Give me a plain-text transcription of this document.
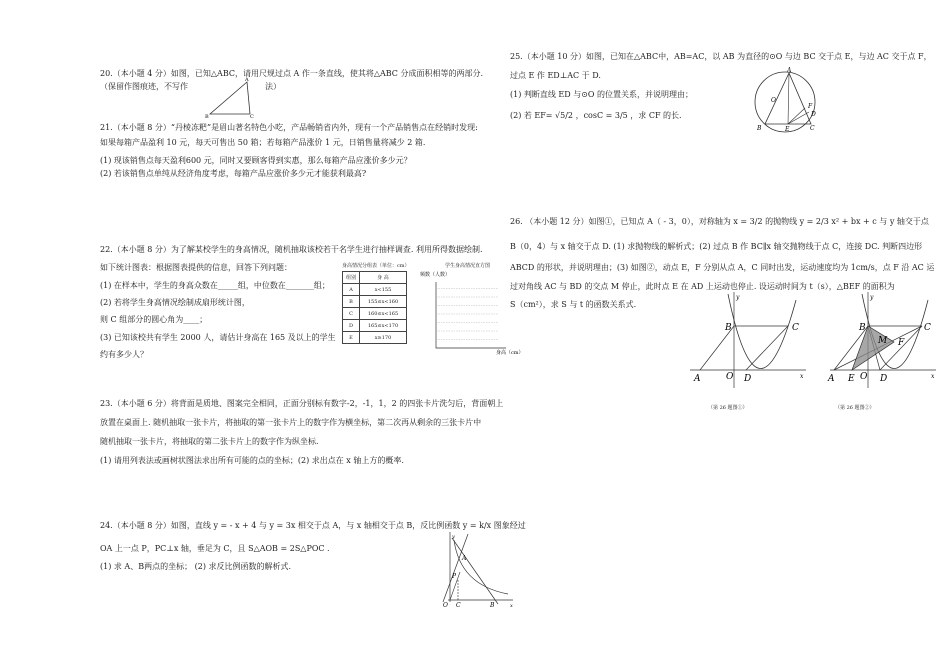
20.（本小题 4 分）如图，已知△ABC，请用尺规过点 A 作一条直线，使其将△ABC 分成面积相等的两部分.

（保留作图痕迹，不写作	法）

A
B	C

21.（本小题 8 分）“丹棱冻粑”是眉山著名特色小吃，产品畅销省内外，现有一个产品销售点在经销时发现:

如果每箱产品盈利 10 元，每天可售出 50 箱；若每箱产品涨价 1 元，日销售量将减少 2 箱.

(1) 现该销售点每天盈利600 元，同时又要顾客得到实惠，那么每箱产品应涨价多少元？

(2) 若该销售点单纯从经济角度考虑，每箱产品应涨价多少元才能获利最高?

22.（本小题 8 分）为了解某校学生的身高情况，随机抽取该校若干名学生进行抽样调查. 利用所得数据绘制.

如下统计图表：根据图表提供的信息，回答下列问题：

(1) 在样本中，学生的身高众数在_____组，中位数在_______组；

(2) 若将学生身高情况绘制成扇形统计图，

则 C 组部分的圆心角为____；

(3) 已知该校共有学生 2000 人，请估计身高在 165 及以上的学生

约有多少人？

身高情况分组表（单位：cm）
组别	身 高
A	x<155
B	155≤x<160
C	160≤x<165
D	165≤x<170
E	x≥170
学生身高情况直方图
频数（人数）
身高（cm）

23.（本小题 6 分）将背面是质地、图案完全相同，正面分别标有数字-2，-1，1，2 的四张卡片洗匀后，背面朝上

放置在桌面上. 随机抽取一张卡片，将抽取的第一张卡片上的数字作为横坐标，第二次再从剩余的三张卡片中

随机抽取一张卡片，将抽取的第二张卡片上的数字作为纵坐标.

(1) 请用列表法或画树状图法求出所有可能的点的坐标；(2) 求出点在 x 轴上方的概率.

24.（本小题 8 分）如图，直线 y = - x + 4 与 y = 3x 相交于点 A，与 x 轴相交于点 B，反比例函数 y = k/x 图象经过

OA 上一点 P，PC⊥x 轴，垂足为 C，且 S△AOB = 2S△POC .

(1) 求 A、B两点的坐标； (2) 求反比例函数的解析式.

y
A
P
O C	B	x

25.（本小题 10 分）如图，已知在△ABC中，AB=AC，以 AB 为直径的⊙O 与边 BC 交于点 E，与边 AC 交于点 F，

过点 E 作 ED⊥AC 于 D.

(1) 判断直线 ED 与⊙O 的位置关系，并说明理由；

(2) 若 EF= √5/2 ，cosC = 3/5 ，求 CF 的长.

A
O
F
D
B	E	C

26. （本小题 12 分）如图①，已知点 A（ - 3，0），对称轴为 x = 3/2 的抛物线 y = 2/3 x² + bx + c 与 y 轴交于点

B（0，4）与 x 轴交于点 D. (1) 求抛物线的解析式；(2) 过点 B 作 BC∥x 轴交抛物线于点 C，连接 DC. 判断四边形

ABCD 的形状，并说明理由；(3) 如图②，动点 E，F 分别从点 A，C 同时出发，运动速度均为 1cm/s，点 F 沿 AC 运

过对角线 AC 与 BD 的交点 M 停止，此时点 E 在 AD 上运动也停止. 设运动时间为 t（s），△BEF 的面积为

S（cm²），求 S 与 t 的函数关系式.

y
B	C
A	O D	x
（第 26 题图①）
y
B	C
M F
A E O D	x
（第 26 题图②）
